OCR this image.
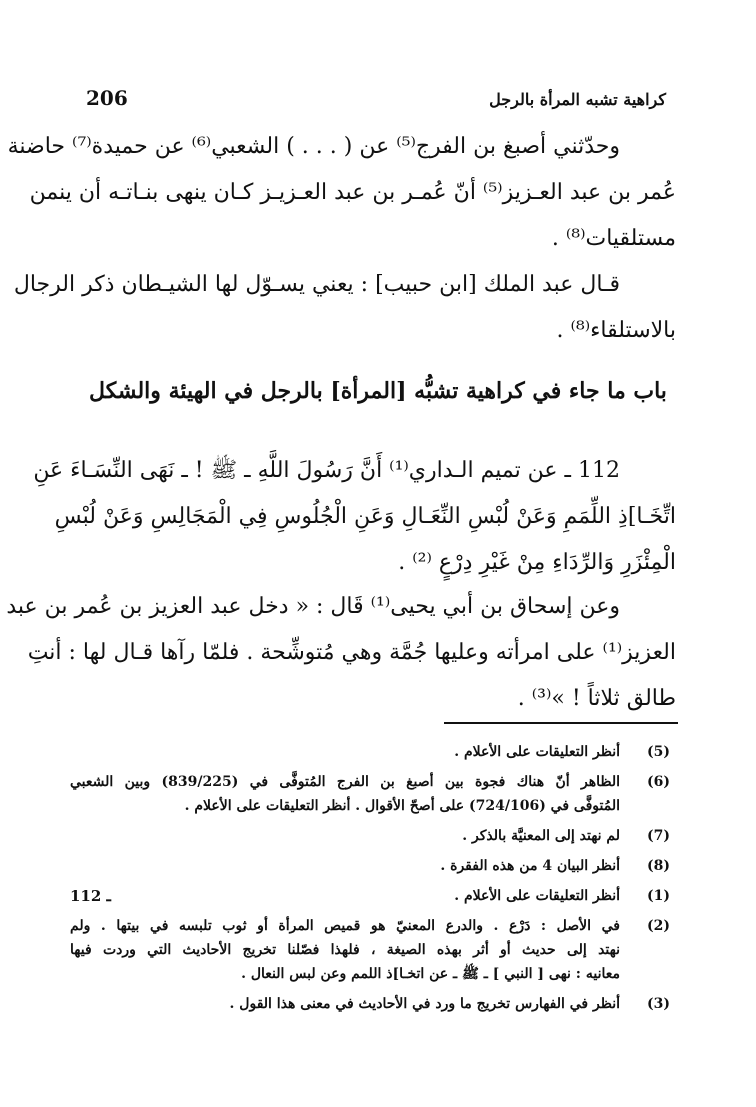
كراهية تشبه المرأة بالرجل
206
وحدّثني أصبغ بن الفرج⁽⁵⁾ عن ( . . . ) الشعبي⁽⁶⁾ عن حميدة⁽⁷⁾ حاضنة
عُمر بن عبد العـزيز⁽⁵⁾ أنّ عُمـر بن عبد العـزيـز كـان ينهى بنـاتـه أن ينمن
مستلقيات⁽⁸⁾ .
قـال عبد الملك [ابن حبيب] : يعني يسـوّل لها الشيـطان ذكر الرجال
بالاستلقاء⁽⁸⁾ .
باب ما جاء في كراهية تشبُّه [المرأة] بالرجل في الهيئة والشكل
112 ـ عن تميم الـداري⁽¹⁾ أَنَّ رَسُولَ اللَّهِ ـ ﷺ ! ـ نَهَى النِّسَـاءَ عَنِ
اتِّخَـا]ذِ اللِّمَمِ وَعَنْ لُبْسِ النِّعَـالِ وَعَنِ الْجُلُوسِ فِي الْمَجَالِسِ وَعَنْ لُبْسِ
الْمِئْزَرِ وَالرِّدَاءِ مِنْ غَيْرِ دِرْعٍ ⁽²⁾ .
وعن إسحاق بن أبي يحيى⁽¹⁾ قَال : « دخل عبد العزيز بن عُمر بن عبد
العزيز⁽¹⁾ على امرأته وعليها جُمَّة وهي مُتوشِّحة . فلمّا رآها قـال لها : أنتِ
طالق ثلاثاً ! »⁽³⁾ .
(5)
أنظر التعليقات على الأعلام .
(6)
الظاهر أنّ هناك فجوة بين أصبغ بن الفرج المُتوفَّى في (839/225) وبين الشعبي
المُتوفَّى في (724/106) على أصحّ الأقوال . أنظر التعليقات على الأعلام .
(7)
لم نهتد إلى المعنيَّة بالذكر .
(8)
أنظر البيان 4 من هذه الفقرة .
(1)
أنظر التعليقات على الأعلام .
112 ـ
(2)
في الأصل : دَرْع . والدرع المعنيّ هو قميص المرأة أو ثوب تلبسه في بيتها . ولم
نهتد إلى حديث أو أثر بهذه الصيغة ، فلهذا فصّلنا تخريج الأحاديث التي وردت فيها
معانيه : نهى [ النبي ] ـ ﷺ ـ عن اتخـا]ذ اللمم وعن لبس النعال .
(3)
أنظر في الفهارس تخريج ما ورد في الأحاديث في معنى هذا القول .
